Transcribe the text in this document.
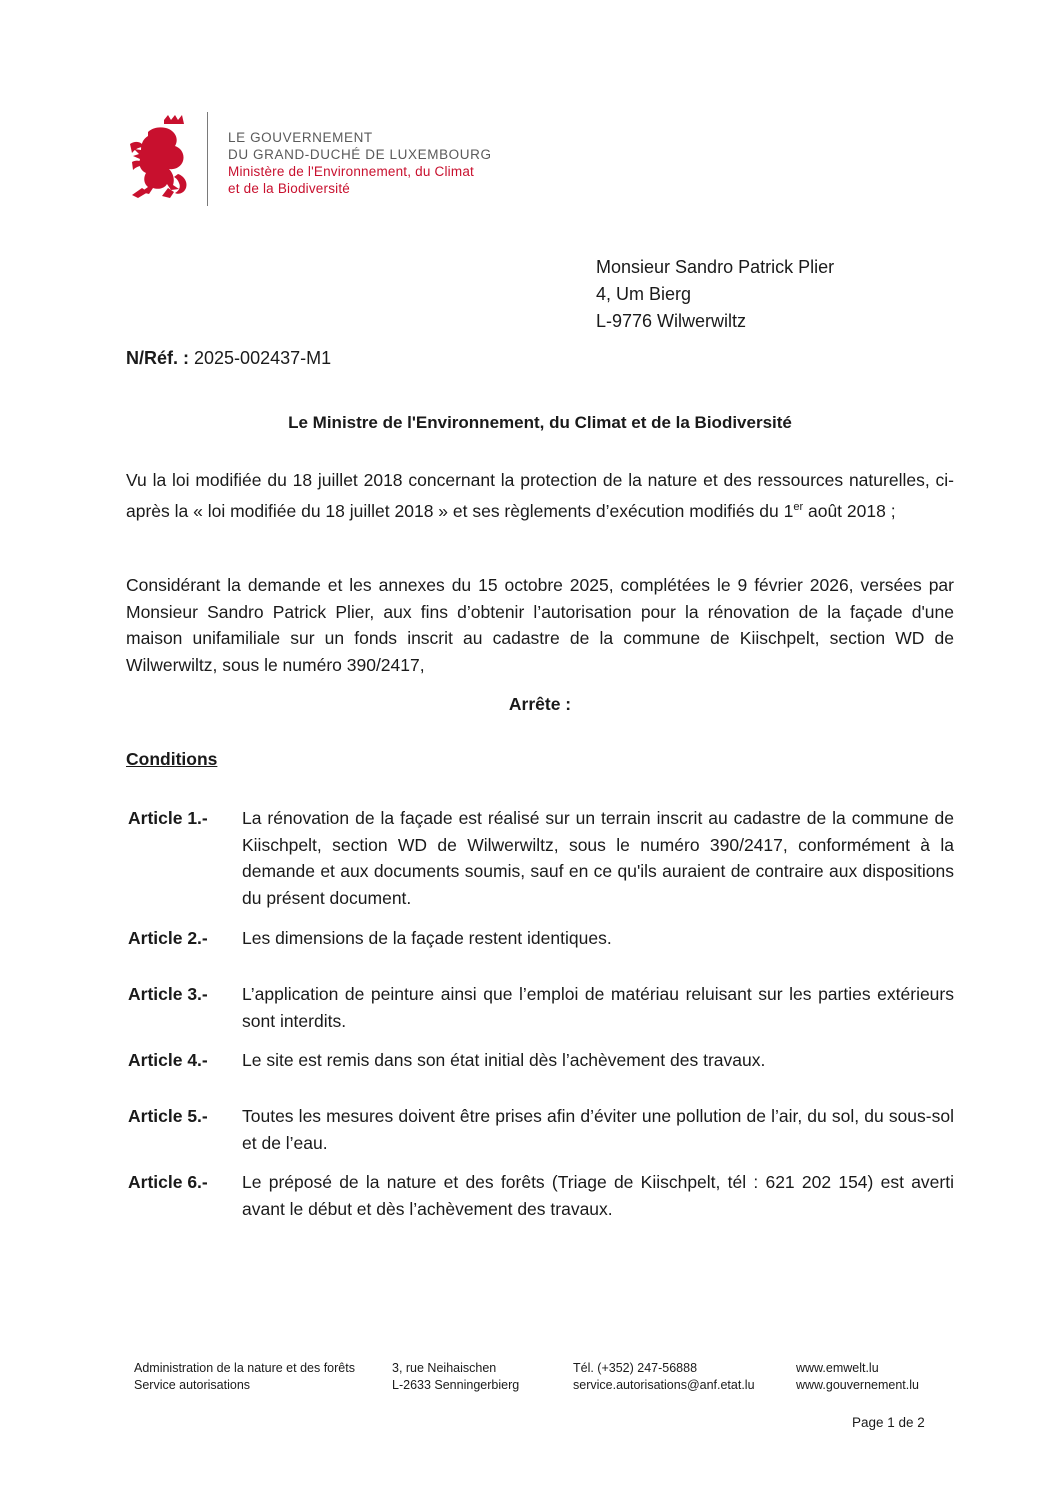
LE GOUVERNEMENT
DU GRAND-DUCHÉ DE LUXEMBOURG
Ministère de l'Environnement, du Climat
et de la Biodiversité
Monsieur Sandro Patrick Plier
4, Um Bierg
L-9776 Wilwerwiltz
N/Réf. : 2025-002437-M1
Le Ministre de l'Environnement, du Climat et de la Biodiversité
Vu la loi modifiée du 18 juillet 2018 concernant la protection de la nature et des ressources naturelles, ci-après la « loi modifiée du 18 juillet 2018 » et ses règlements d’exécution modifiés du 1er août 2018 ;
Considérant la demande et les annexes du 15 octobre 2025, complétées le 9 février 2026, versées par Monsieur Sandro Patrick Plier, aux fins d’obtenir l’autorisation pour la rénovation de la façade d'une maison unifamiliale sur un fonds inscrit au cadastre de la commune de Kiischpelt, section WD de Wilwerwiltz, sous le numéro 390/2417,
Arrête :
Conditions
Article 1.- La rénovation de la façade est réalisé sur un terrain inscrit au cadastre de la commune de Kiischpelt, section WD de Wilwerwiltz, sous le numéro 390/2417, conformément à la demande et aux documents soumis, sauf en ce qu'ils auraient de contraire aux dispositions du présent document.
Article 2.- Les dimensions de la façade restent identiques.
Article 3.- L’application de peinture ainsi que l’emploi de matériau reluisant sur les parties extérieurs sont interdits.
Article 4.- Le site est remis dans son état initial dès l’achèvement des travaux.
Article 5.- Toutes les mesures doivent être prises afin d’éviter une pollution de l’air, du sol, du sous-sol et de l’eau.
Article 6.- Le préposé de la nature et des forêts (Triage de Kiischpelt, tél : 621 202 154) est averti avant le début et dès l’achèvement des travaux.
Administration de la nature et des forêts
Service autorisations
3, rue Neihaischen
L-2633 Senningerbierg
Tél. (+352) 247-56888
service.autorisations@anf.etat.lu
www.emwelt.lu
www.gouvernement.lu
Page 1 de 2
